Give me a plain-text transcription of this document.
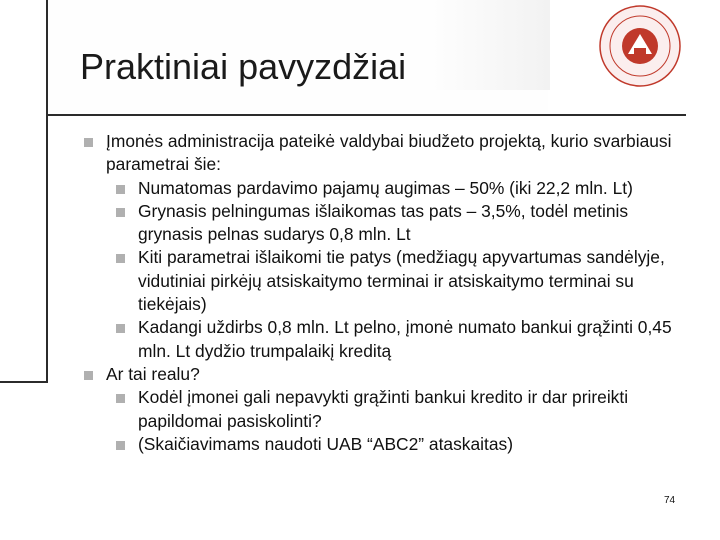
Praktiniai pavyzdžiai
Įmonės administracija pateikė valdybai biudžeto projektą, kurio svarbiausi parametrai šie:
Numatomas pardavimo pajamų augimas – 50% (iki 22,2 mln. Lt)
Grynasis pelningumas išlaikomas tas pats – 3,5%, todėl metinis grynasis pelnas sudarys 0,8 mln. Lt
Kiti parametrai išlaikomi tie patys (medžiagų apyvartumas sandėlyje, vidutiniai pirkėjų atsiskaitymo terminai ir atsiskaitymo terminai su tiekėjais)
Kadangi uždirbs 0,8 mln. Lt pelno, įmonė numato bankui grąžinti 0,45 mln. Lt dydžio trumpalaikį kreditą
Ar tai realu?
Kodėl įmonei gali nepavykti grąžinti bankui kredito ir dar prireikti papildomai pasiskolinti?
(Skaičiavimams naudoti UAB “ABC2” ataskaitas)
74
